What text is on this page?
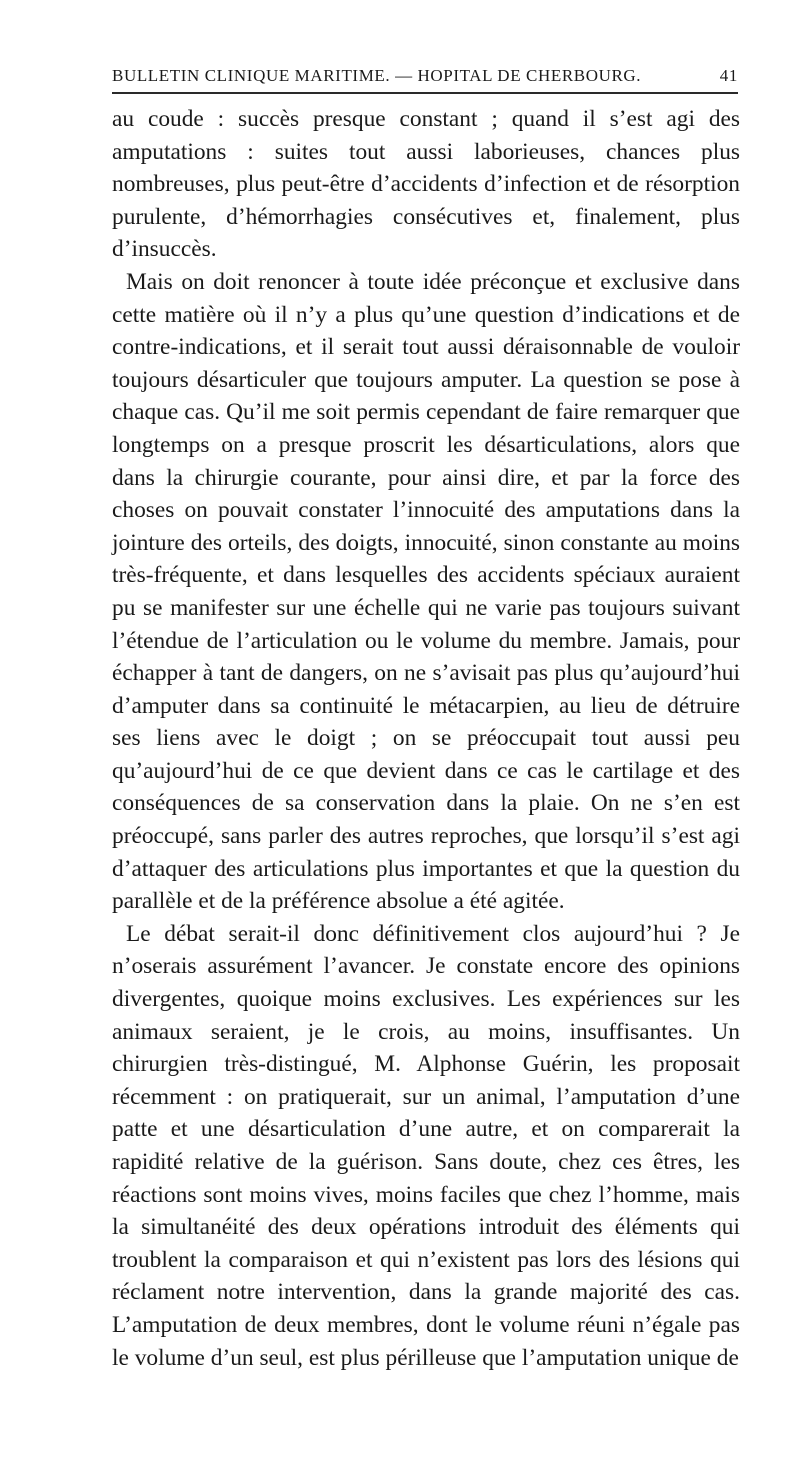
BULLETIN CLINIQUE MARITIME. — HOPITAL DE CHERBOURG.	41

au coude : succès presque constant ; quand il s’est agi des amputations : suites tout aussi laborieuses, chances plus nombreuses, plus peut-être d’accidents d’infection et de résorption purulente, d’hémorrhagies consécutives et, finalement, plus d’insuccès.

Mais on doit renoncer à toute idée préconçue et exclusive dans cette matière où il n’y a plus qu’une question d’indications et de contre-indications, et il serait tout aussi déraisonnable de vouloir toujours désarticuler que toujours amputer. La question se pose à chaque cas. Qu’il me soit permis cependant de faire remarquer que longtemps on a presque proscrit les désarticulations, alors que dans la chirurgie courante, pour ainsi dire, et par la force des choses on pouvait constater l’innocuité des amputations dans la jointure des orteils, des doigts, innocuité, sinon constante au moins très-fréquente, et dans lesquelles des accidents spéciaux auraient pu se manifester sur une échelle qui ne varie pas toujours suivant l’étendue de l’articulation ou le volume du membre. Jamais, pour échapper à tant de dangers, on ne s’avisait pas plus qu’aujourd’hui d’amputer dans sa continuité le métacarpien, au lieu de détruire ses liens avec le doigt ; on se préoccupait tout aussi peu qu’aujourd’hui de ce que devient dans ce cas le cartilage et des conséquences de sa conservation dans la plaie. On ne s’en est préoccupé, sans parler des autres reproches, que lorsqu’il s’est agi d’attaquer des articulations plus importantes et que la question du parallèle et de la préférence absolue a été agitée.

Le débat serait-il donc définitivement clos aujourd’hui ? Je n’oserais assurément l’avancer. Je constate encore des opinions divergentes, quoique moins exclusives. Les expériences sur les animaux seraient, je le crois, au moins, insuffisantes. Un chirurgien très-distingué, M. Alphonse Guérin, les proposait récemment : on pratiquerait, sur un animal, l’amputation d’une patte et une désarticulation d’une autre, et on comparerait la rapidité relative de la guérison. Sans doute, chez ces êtres, les réactions sont moins vives, moins faciles que chez l’homme, mais la simultanéité des deux opérations introduit des éléments qui troublent la comparaison et qui n’existent pas lors des lésions qui réclament notre intervention, dans la grande majorité des cas. L’amputation de deux membres, dont le volume réuni n’égale pas le volume d’un seul, est plus périlleuse que l’amputation unique de
